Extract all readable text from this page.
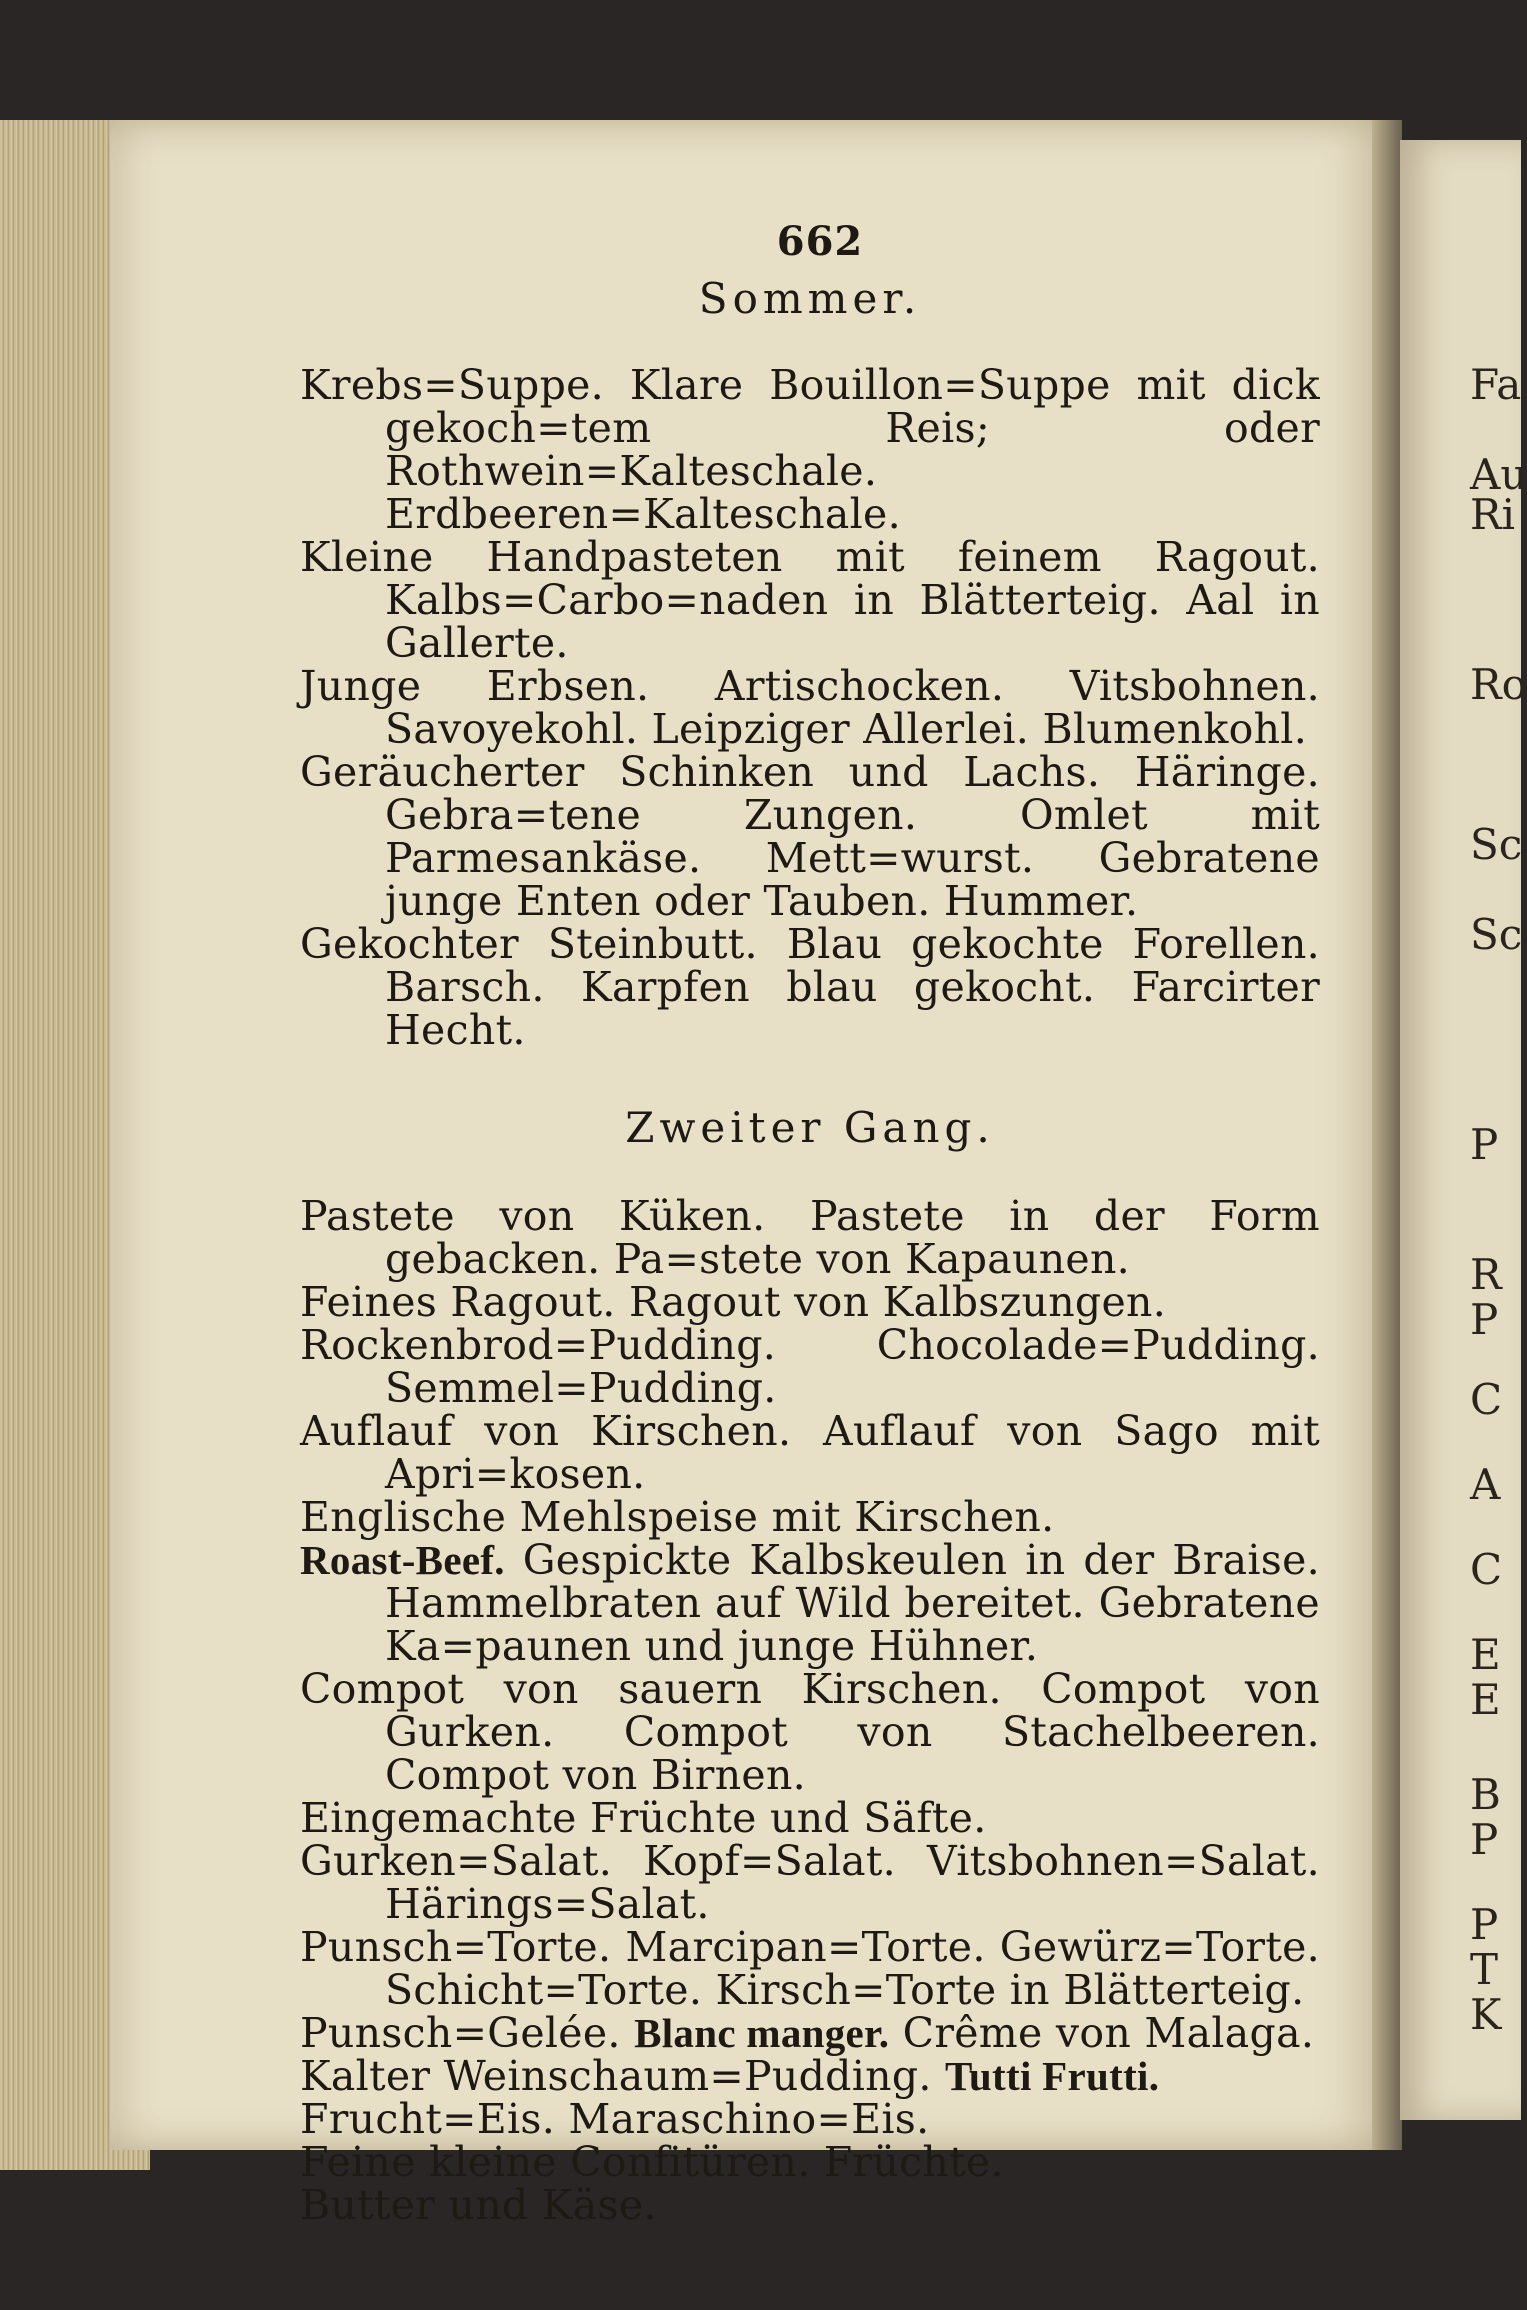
Fa
Au
Ri
Ro
Sc
Sc
P
R
P
C
A
C
E
E
B
P
P
T
K
662
Sommer.
Krebs=Suppe. Klare Bouillon=Suppe mit dick gekoch=tem Reis; oder Rothwein=Kalteschale. Erdbeeren=Kalteschale.
Kleine Handpasteten mit feinem Ragout. Kalbs=Carbo=naden in Blätterteig. Aal in Gallerte.
Junge Erbsen. Artischocken. Vitsbohnen. Savoyekohl. Leipziger Allerlei. Blumenkohl.
Geräucherter Schinken und Lachs. Häringe. Gebra=tene Zungen. Omlet mit Parmesankäse. Mett=wurst. Gebratene junge Enten oder Tauben. Hummer.
Gekochter Steinbutt. Blau gekochte Forellen. Barsch. Karpfen blau gekocht. Farcirter Hecht.
Zweiter Gang.
Pastete von Küken. Pastete in der Form gebacken. Pa=stete von Kapaunen.
Feines Ragout. Ragout von Kalbszungen.
Rockenbrod=Pudding. Chocolade=Pudding. Semmel=Pudding.
Auflauf von Kirschen. Auflauf von Sago mit Apri=kosen.
Englische Mehlspeise mit Kirschen.
Roast-Beef. Gespickte Kalbskeulen in der Braise. Hammelbraten auf Wild bereitet. Gebratene Ka=paunen und junge Hühner.
Compot von sauern Kirschen. Compot von Gurken. Compot von Stachelbeeren. Compot von Birnen.
Eingemachte Früchte und Säfte.
Gurken=Salat. Kopf=Salat. Vitsbohnen=Salat. Härings=Salat.
Punsch=Torte. Marcipan=Torte. Gewürz=Torte. Schicht=Torte. Kirsch=Torte in Blätterteig.
Punsch=Gelée. Blanc manger. Crême von Malaga.
Kalter Weinschaum=Pudding. Tutti Frutti.
Frucht=Eis. Maraschino=Eis.
Feine kleine Confitüren. Früchte.
Butter und Käse.
